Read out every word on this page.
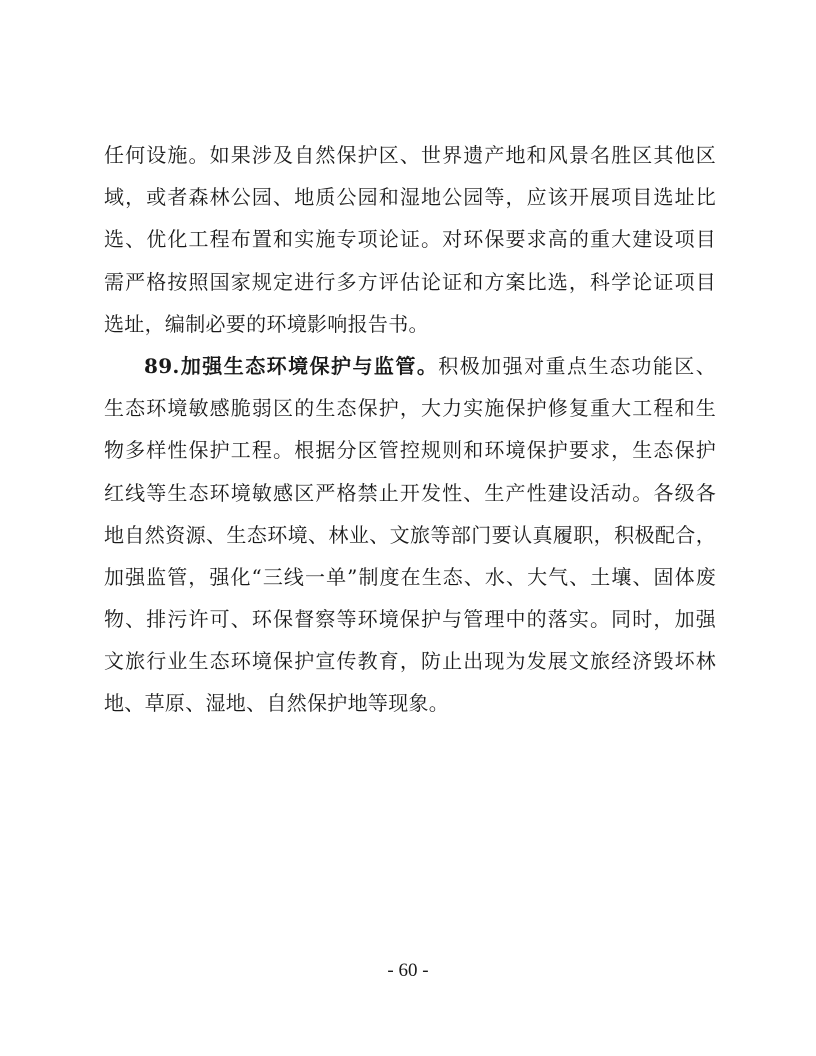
任何设施。如果涉及自然保护区、世界遗产地和风景名胜区其他区
域，或者森林公园、地质公园和湿地公园等，应该开展项目选址比
选、优化工程布置和实施专项论证。对环保要求高的重大建设项目
需严格按照国家规定进行多方评估论证和方案比选，科学论证项目
选址，编制必要的环境影响报告书。
89.加强生态环境保护与监管。积极加强对重点生态功能区、
生态环境敏感脆弱区的生态保护，大力实施保护修复重大工程和生
物多样性保护工程。根据分区管控规则和环境保护要求，生态保护
红线等生态环境敏感区严格禁止开发性、生产性建设活动。各级各
地自然资源、生态环境、林业、文旅等部门要认真履职，积极配合，
加强监管，强化“三线一单”制度在生态、水、大气、土壤、固体废
物、排污许可、环保督察等环境保护与管理中的落实。同时，加强
文旅行业生态环境保护宣传教育，防止出现为发展文旅经济毁坏林
地、草原、湿地、自然保护地等现象。
- 60 -
